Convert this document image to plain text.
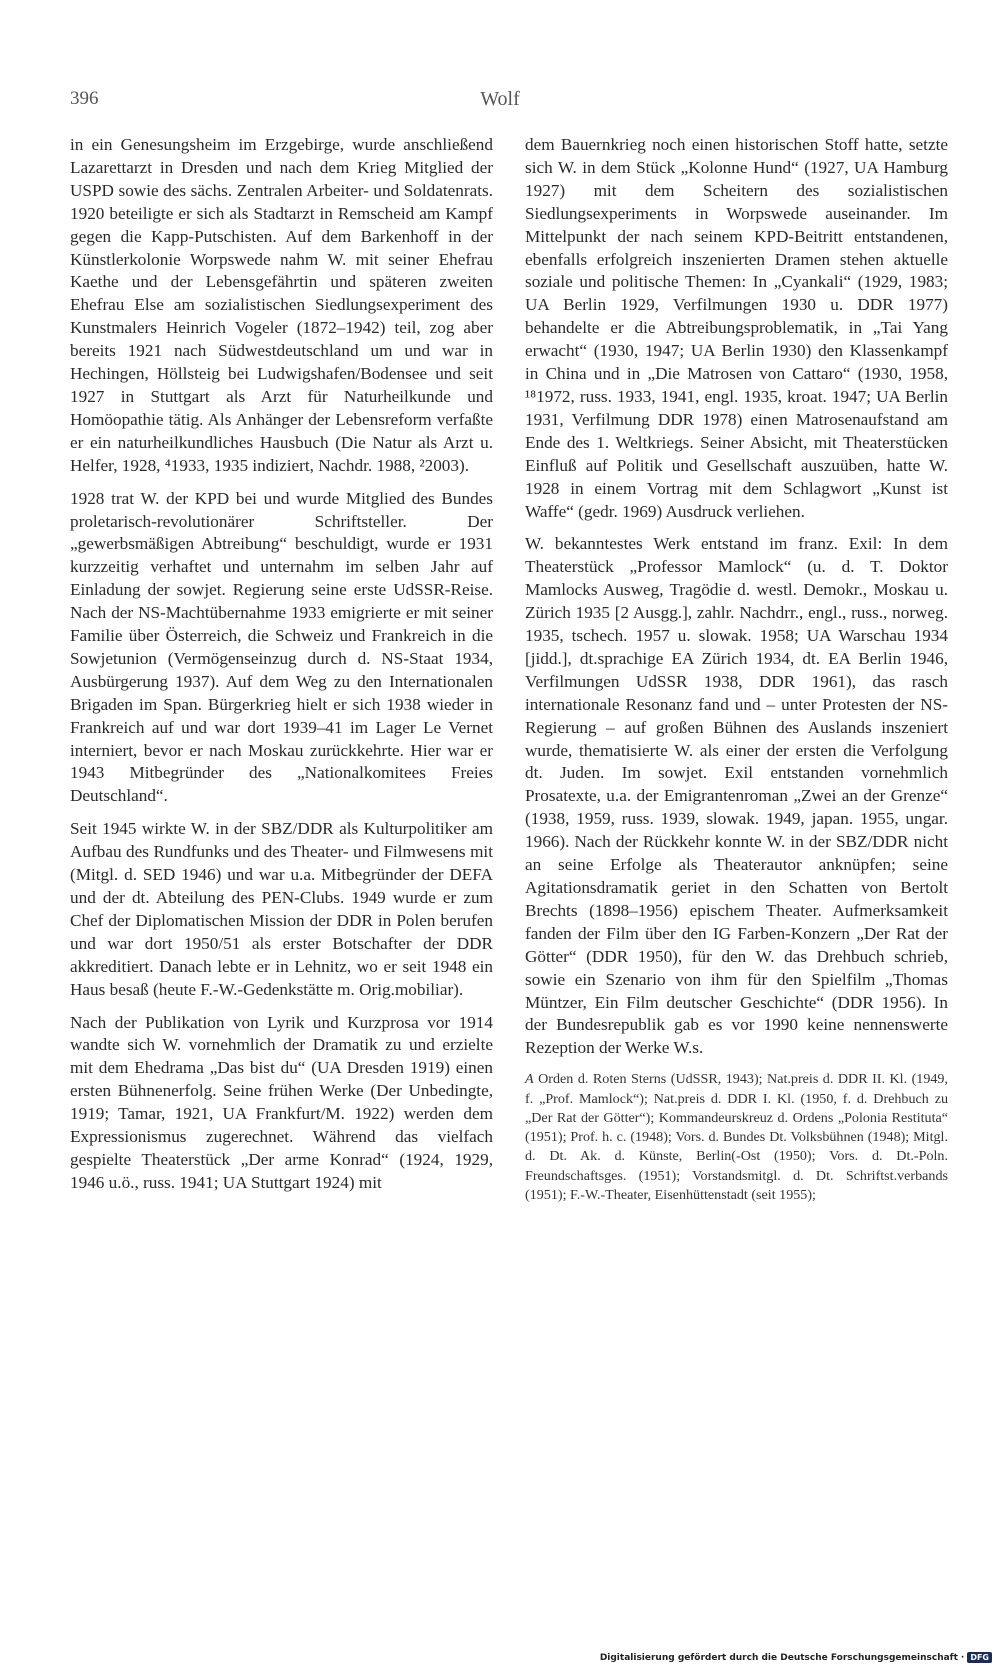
Wolf
396

in ein Genesungsheim im Erzgebirge, wurde anschließend Lazarettarzt in Dresden und nach dem Krieg Mitglied der USPD sowie des sächs. Zentralen Arbeiter- und Soldatenrats. 1920 beteiligte er sich als Stadtarzt in Remscheid am Kampf gegen die Kapp-Putschisten. Auf dem Barkenhoff in der Künstlerkolonie Worpswede nahm W. mit seiner Ehefrau Kaethe und der Lebensgefährtin und späteren zweiten Ehefrau Else am sozialistischen Siedlungsexperiment des Kunstmalers Heinrich Vogeler (1872–1942) teil, zog aber bereits 1921 nach Südwestdeutschland um und war in Hechingen, Höllsteig bei Ludwigshafen/Bodensee und seit 1927 in Stuttgart als Arzt für Naturheilkunde und Homöopathie tätig. Als Anhänger der Lebensreform verfaßte er ein naturheilkundliches Hausbuch (Die Natur als Arzt u. Helfer, 1928, ⁴1933, 1935 indiziert, Nachdr. 1988, ²2003).

1928 trat W. der KPD bei und wurde Mitglied des Bundes proletarisch-revolutionärer Schriftsteller. Der „gewerbsmäßigen Abtreibung“ beschuldigt, wurde er 1931 kurzzeitig verhaftet und unternahm im selben Jahr auf Einladung der sowjet. Regierung seine erste UdSSR-Reise. Nach der NS-Machtübernahme 1933 emigrierte er mit seiner Familie über Österreich, die Schweiz und Frankreich in die Sowjetunion (Vermögenseinzug durch d. NS-Staat 1934, Ausbürgerung 1937). Auf dem Weg zu den Internationalen Brigaden im Span. Bürgerkrieg hielt er sich 1938 wieder in Frankreich auf und war dort 1939–41 im Lager Le Vernet interniert, bevor er nach Moskau zurückkehrte. Hier war er 1943 Mitbegründer des „Nationalkomitees Freies Deutschland“.

Seit 1945 wirkte W. in der SBZ/DDR als Kulturpolitiker am Aufbau des Rundfunks und des Theater- und Filmwesens mit (Mitgl. d. SED 1946) und war u.a. Mitbegründer der DEFA und der dt. Abteilung des PEN-Clubs. 1949 wurde er zum Chef der Diplomatischen Mission der DDR in Polen berufen und war dort 1950/51 als erster Botschafter der DDR akkreditiert. Danach lebte er in Lehnitz, wo er seit 1948 ein Haus besaß (heute F.-W.-Gedenkstätte m. Orig.mobiliar).

Nach der Publikation von Lyrik und Kurzprosa vor 1914 wandte sich W. vornehmlich der Dramatik zu und erzielte mit dem Ehedrama „Das bist du“ (UA Dresden 1919) einen ersten Bühnenerfolg. Seine frühen Werke (Der Unbedingte, 1919; Tamar, 1921, UA Frankfurt/M. 1922) werden dem Expressionismus zugerechnet. Während das vielfach gespielte Theaterstück „Der arme Konrad“ (1924, 1929, 1946 u.ö., russ. 1941; UA Stuttgart 1924) mit

dem Bauernkrieg noch einen historischen Stoff hatte, setzte sich W. in dem Stück „Kolonne Hund“ (1927, UA Hamburg 1927) mit dem Scheitern des sozialistischen Siedlungsexperiments in Worpswede auseinander. Im Mittelpunkt der nach seinem KPD-Beitritt entstandenen, ebenfalls erfolgreich inszenierten Dramen stehen aktuelle soziale und politische Themen: In „Cyankali“ (1929, 1983; UA Berlin 1929, Verfilmungen 1930 u. DDR 1977) behandelte er die Abtreibungsproblematik, in „Tai Yang erwacht“ (1930, 1947; UA Berlin 1930) den Klassenkampf in China und in „Die Matrosen von Cattaro“ (1930, 1958, ¹⁸1972, russ. 1933, 1941, engl. 1935, kroat. 1947; UA Berlin 1931, Verfilmung DDR 1978) einen Matrosenaufstand am Ende des 1. Weltkriegs. Seiner Absicht, mit Theaterstücken Einfluß auf Politik und Gesellschaft auszuüben, hatte W. 1928 in einem Vortrag mit dem Schlagwort „Kunst ist Waffe“ (gedr. 1969) Ausdruck verliehen.

W. bekanntestes Werk entstand im franz. Exil: In dem Theaterstück „Professor Mamlock“ (u. d. T. Doktor Mamlocks Ausweg, Tragödie d. westl. Demokr., Moskau u. Zürich 1935 [2 Ausgg.], zahlr. Nachdrr., engl., russ., norweg. 1935, tschech. 1957 u. slowak. 1958; UA Warschau 1934 [jidd.], dt.sprachige EA Zürich 1934, dt. EA Berlin 1946, Verfilmungen UdSSR 1938, DDR 1961), das rasch internationale Resonanz fand und – unter Protesten der NS-Regierung – auf großen Bühnen des Auslands inszeniert wurde, thematisierte W. als einer der ersten die Verfolgung dt. Juden. Im sowjet. Exil entstanden vornehmlich Prosatexte, u.a. der Emigrantenroman „Zwei an der Grenze“ (1938, 1959, russ. 1939, slowak. 1949, japan. 1955, ungar. 1966). Nach der Rückkehr konnte W. in der SBZ/DDR nicht an seine Erfolge als Theaterautor anknüpfen; seine Agitationsdramatik geriet in den Schatten von Bertolt Brechts (1898–1956) epischem Theater. Aufmerksamkeit fanden der Film über den IG Farben-Konzern „Der Rat der Götter“ (DDR 1950), für den W. das Drehbuch schrieb, sowie ein Szenario von ihm für den Spielfilm „Thomas Müntzer, Ein Film deutscher Geschichte“ (DDR 1956). In der Bundesrepublik gab es vor 1990 keine nennenswerte Rezeption der Werke W.s.

A Orden d. Roten Sterns (UdSSR, 1943); Nat.preis d. DDR II. Kl. (1949, f. „Prof. Mamlock“); Nat.preis d. DDR I. Kl. (1950, f. d. Drehbuch zu „Der Rat der Götter“); Kommandeurskreuz d. Ordens „Polonia Restituta“ (1951); Prof. h. c. (1948); Vors. d. Bundes Dt. Volksbühnen (1948); Mitgl. d. Dt. Ak. d. Künste, Berlin(-Ost (1950); Vors. d. Dt.-Poln. Freundschaftsges. (1951); Vorstandsmitgl. d. Dt. Schriftst.verbands (1951); F.-W.-Theater, Eisenhüttenstadt (seit 1955);

Digitalisierung gefördert durch die Deutsche Forschungsgemeinschaft · DFG
